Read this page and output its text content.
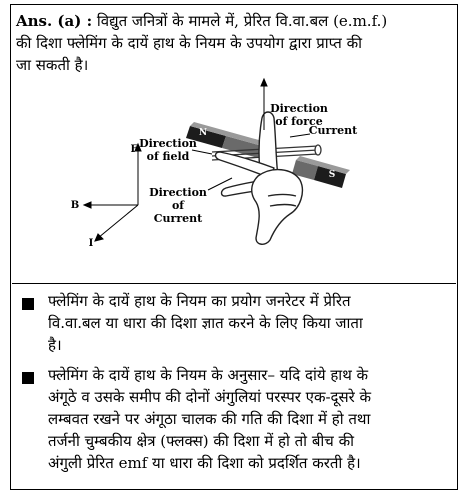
Ans. (a) : विद्युत जनित्रों के मामले में, प्रेरित वि.वा.बल (e.m.f.)
की दिशा फ्लेमिंग के दायें हाथ के नियम के उपयोग द्वारा प्राप्त की
जा सकती है।
Direction of force
Current
Direction of field
Direction of Current
F
B
I
N
S
फ्लेमिंग के दायें हाथ के नियम का प्रयोग जनरेटर में प्रेरित
वि.वा.बल या धारा की दिशा ज्ञात करने के लिए किया जाता
है।
फ्लेमिंग के दायें हाथ के नियम के अनुसार– यदि दांये हाथ के
अंगूठे व उसके समीप की दोनों अंगुलियां परस्पर एक-दूसरे के
लम्बवत रखने पर अंगूठा चालक की गति की दिशा में हो तथा
तर्जनी चुम्बकीय क्षेत्र (फ्लक्स) की दिशा में हो तो बीच की
अंगुली प्रेरित emf या धारा की दिशा को प्रदर्शित करती है।
